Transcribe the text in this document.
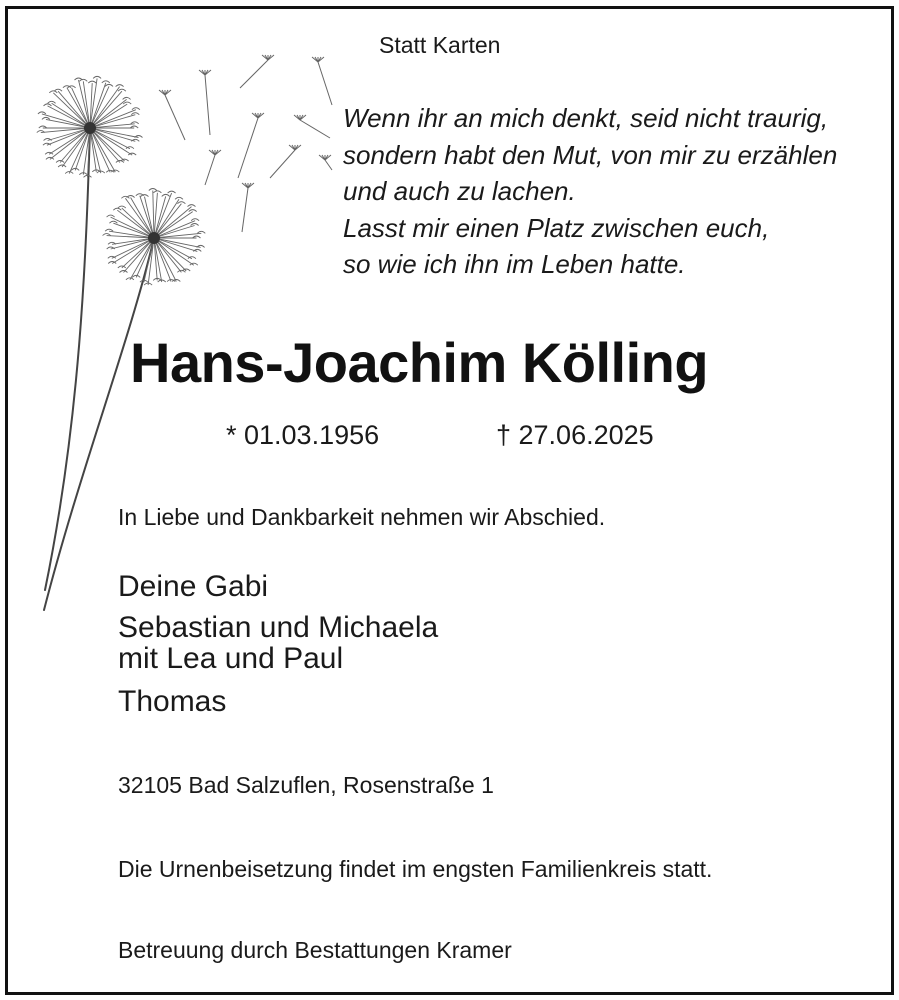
Statt Karten
Wenn ihr an mich denkt, seid nicht traurig,
sondern habt den Mut, von mir zu erzählen
und auch zu lachen.
Lasst mir einen Platz zwischen euch,
so wie ich ihn im Leben hatte.
Hans-Joachim Kölling
* 01.03.1956	† 27.06.2025
In Liebe und Dankbarkeit nehmen wir Abschied.
Deine Gabi
Sebastian und Michaela
mit Lea und Paul
Thomas
32105 Bad Salzuflen, Rosenstraße 1
Die Urnenbeisetzung findet im engsten Familienkreis statt.
Betreuung durch Bestattungen Kramer
